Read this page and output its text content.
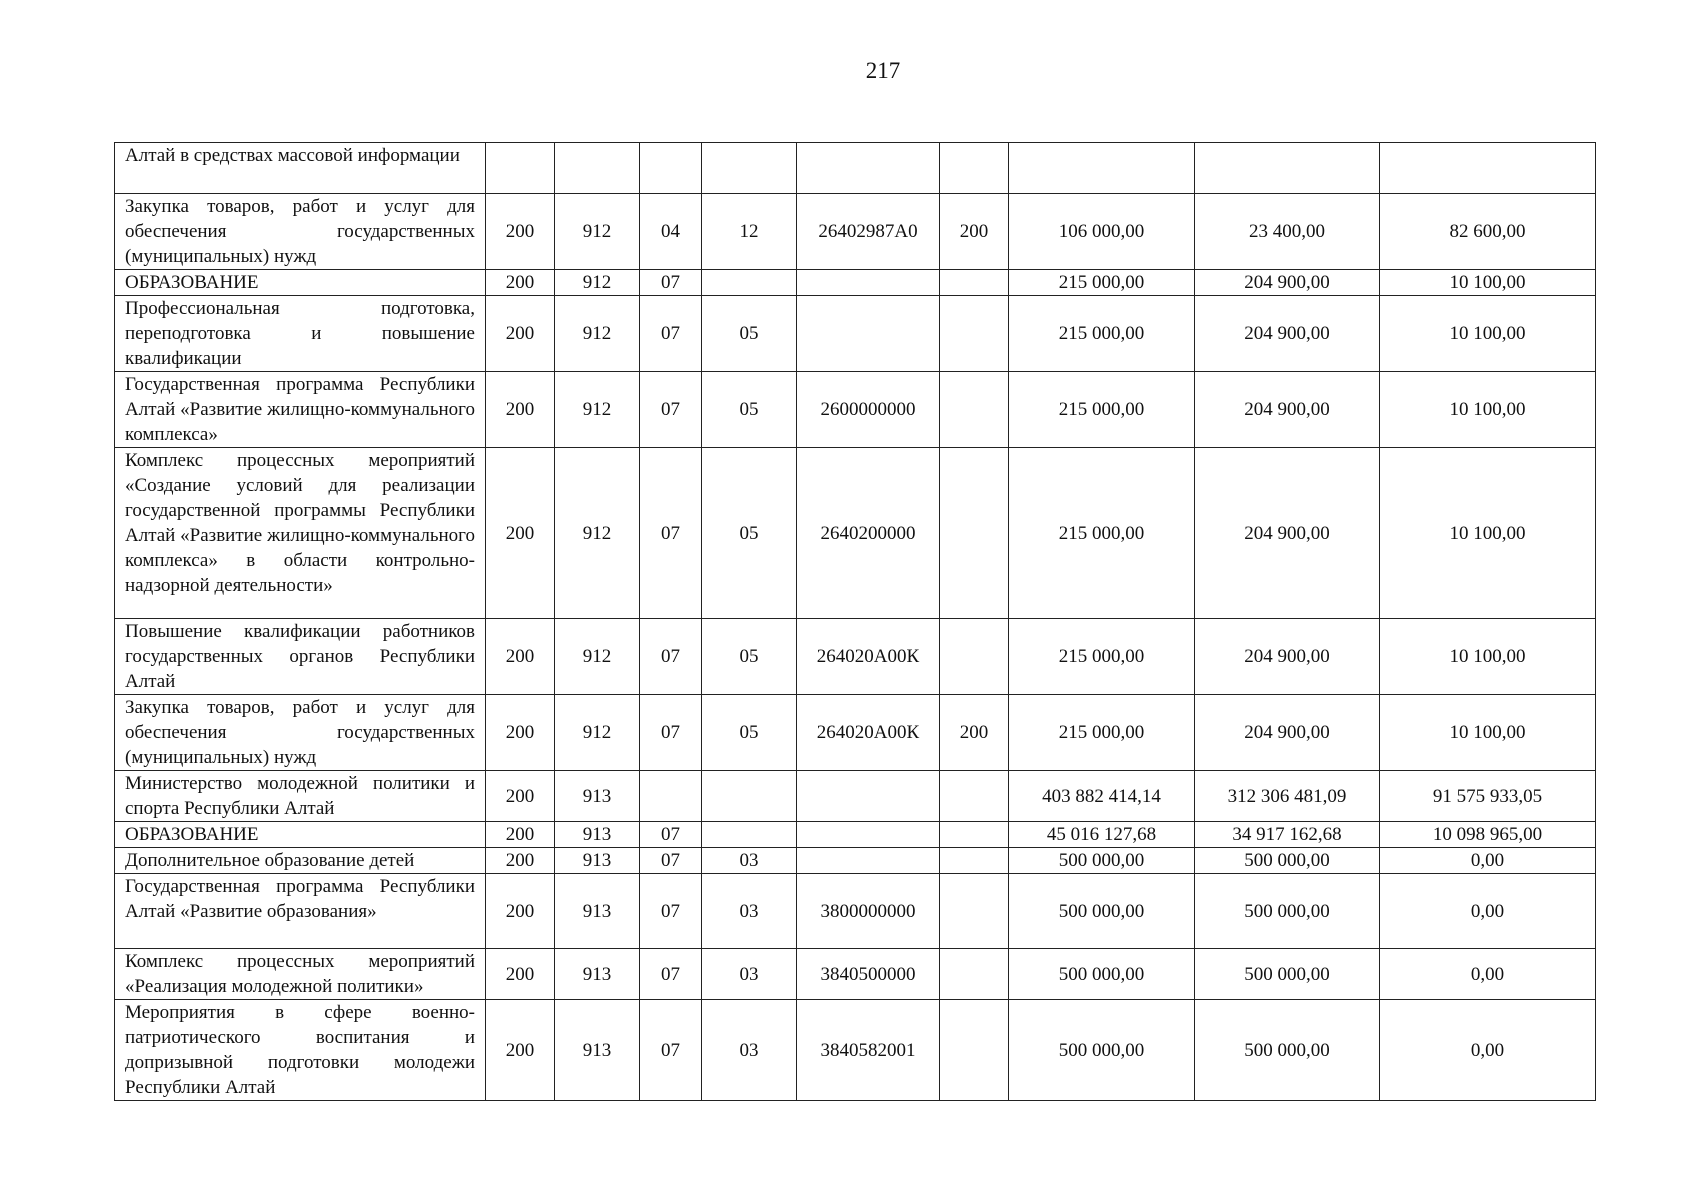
217
Алтай в средствах массовой информации									
Закупка товаров, работ и услуг для обеспечения государственных (муниципальных) нужд	200	912	04	12	26402987А0	200	106 000,00	23 400,00	82 600,00
ОБРАЗОВАНИЕ	200	912	07				215 000,00	204 900,00	10 100,00
Профессиональная подготовка, переподготовка и повышение квалификации	200	912	07	05			215 000,00	204 900,00	10 100,00
Государственная программа Республики Алтай «Развитие жилищно-коммунального комплекса»	200	912	07	05	2600000000		215 000,00	204 900,00	10 100,00
Комплекс процессных мероприятий «Создание условий для реализации государственной программы Республики Алтай «Развитие жилищно-коммунального комплекса» в области контрольно-надзорной деятельности»	200	912	07	05	2640200000		215 000,00	204 900,00	10 100,00
Повышение квалификации работников государственных органов Республики Алтай	200	912	07	05	264020А00К		215 000,00	204 900,00	10 100,00
Закупка товаров, работ и услуг для обеспечения государственных (муниципальных) нужд	200	912	07	05	264020А00К	200	215 000,00	204 900,00	10 100,00
Министерство молодежной политики и спорта Республики Алтай	200	913					403 882 414,14	312 306 481,09	91 575 933,05
ОБРАЗОВАНИЕ	200	913	07				45 016 127,68	34 917 162,68	10 098 965,00
Дополнительное образование детей	200	913	07	03			500 000,00	500 000,00	0,00
Государственная программа Республики Алтай «Развитие образования»	200	913	07	03	3800000000		500 000,00	500 000,00	0,00
Комплекс процессных мероприятий «Реализация молодежной политики»	200	913	07	03	3840500000		500 000,00	500 000,00	0,00
Мероприятия в сфере военно-патриотического воспитания и допризывной подготовки молодежи Республики Алтай	200	913	07	03	3840582001		500 000,00	500 000,00	0,00
